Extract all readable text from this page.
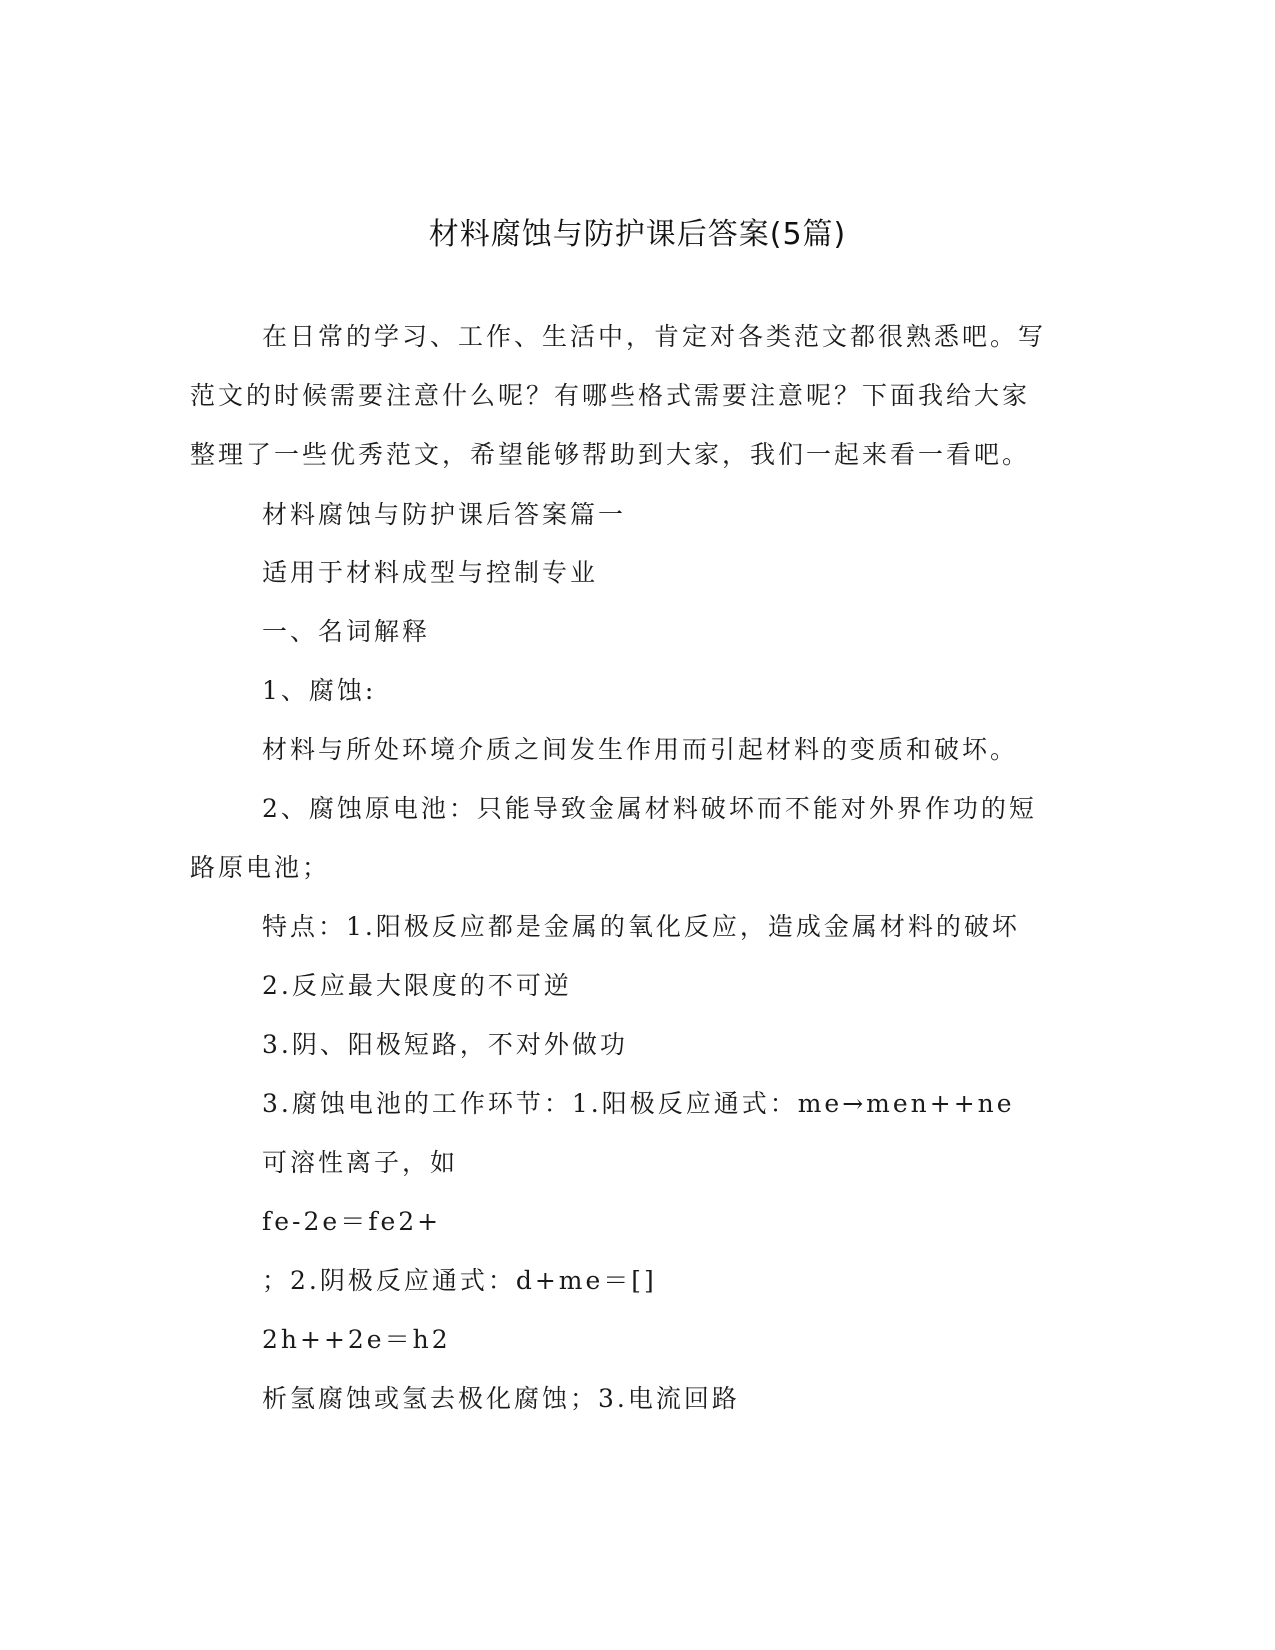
材料腐蚀与防护课后答案(5篇)
在日常的学习、工作、生活中，肯定对各类范文都很熟悉吧。写
范文的时候需要注意什么呢？有哪些格式需要注意呢？下面我给大家
整理了一些优秀范文，希望能够帮助到大家，我们一起来看一看吧。
材料腐蚀与防护课后答案篇一
适用于材料成型与控制专业
一、名词解释
1、腐蚀:
材料与所处环境介质之间发生作用而引起材料的变质和破坏。
2、腐蚀原电池：只能导致金属材料破坏而不能对外界作功的短
路原电池；
特点：1.阳极反应都是金属的氧化反应，造成金属材料的破坏
2.反应最大限度的不可逆
3.阴、阳极短路，不对外做功
3.腐蚀电池的工作环节：1.阳极反应通式：me→men++ne
可溶性离子，如
fe-2e＝fe2+
；2.阴极反应通式：d+me＝[]
2h++2e＝h2
析氢腐蚀或氢去极化腐蚀；3.电流回路
